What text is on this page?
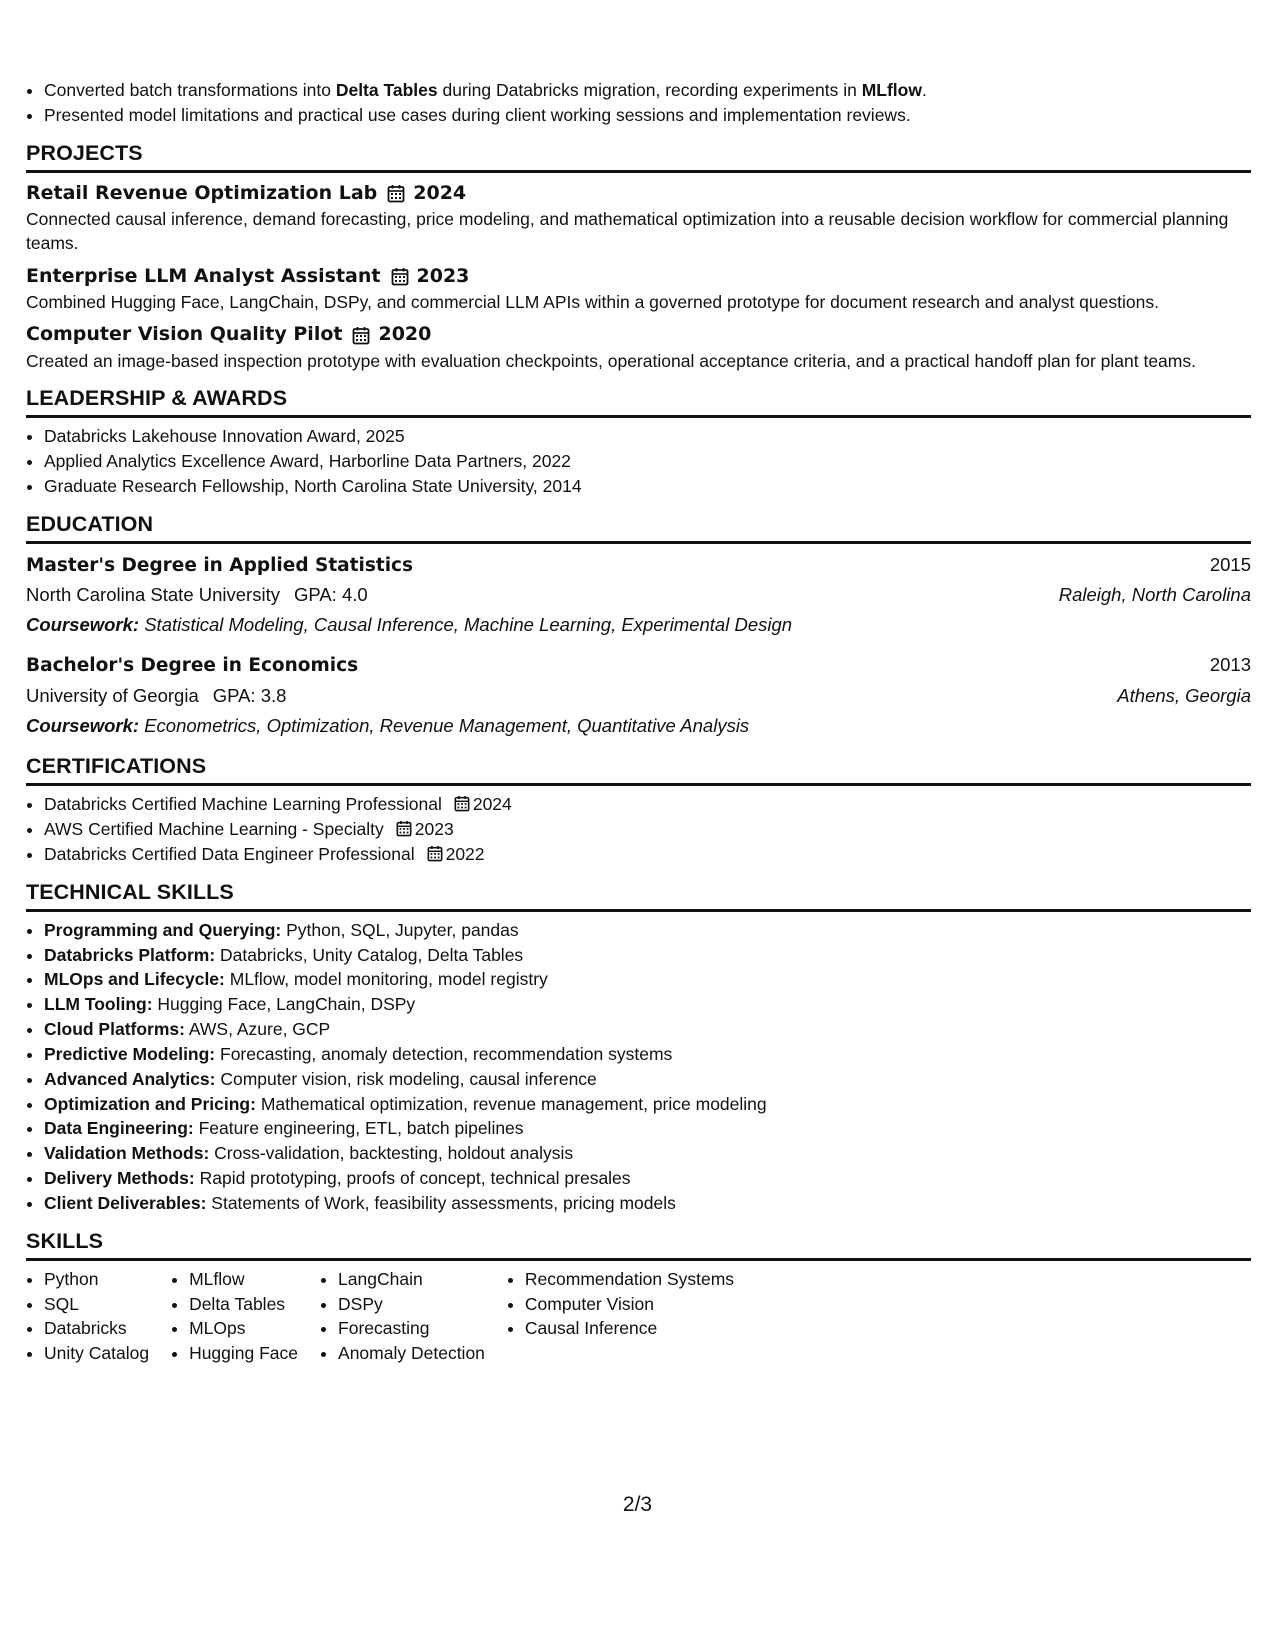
• Converted batch transformations into Delta Tables during Databricks migration, recording experiments in MLflow.
• Presented model limitations and practical use cases during client working sessions and implementation reviews.
PROJECTS
Retail Revenue Optimization Lab 2024
Connected causal inference, demand forecasting, price modeling, and mathematical optimization into a reusable decision workflow for commercial planning teams.
Enterprise LLM Analyst Assistant 2023
Combined Hugging Face, LangChain, DSPy, and commercial LLM APIs within a governed prototype for document research and analyst questions.
Computer Vision Quality Pilot 2020
Created an image-based inspection prototype with evaluation checkpoints, operational acceptance criteria, and a practical handoff plan for plant teams.
LEADERSHIP & AWARDS
• Databricks Lakehouse Innovation Award, 2025
• Applied Analytics Excellence Award, Harborline Data Partners, 2022
• Graduate Research Fellowship, North Carolina State University, 2014
EDUCATION
Master's Degree in Applied Statistics	2015
North Carolina State University GPA: 4.0	Raleigh, North Carolina
Coursework: Statistical Modeling, Causal Inference, Machine Learning, Experimental Design
Bachelor's Degree in Economics	2013
University of Georgia GPA: 3.8	Athens, Georgia
Coursework: Econometrics, Optimization, Revenue Management, Quantitative Analysis
CERTIFICATIONS
• Databricks Certified Machine Learning Professional 2024
• AWS Certified Machine Learning - Specialty 2023
• Databricks Certified Data Engineer Professional 2022
TECHNICAL SKILLS
• Programming and Querying: Python, SQL, Jupyter, pandas
• Databricks Platform: Databricks, Unity Catalog, Delta Tables
• MLOps and Lifecycle: MLflow, model monitoring, model registry
• LLM Tooling: Hugging Face, LangChain, DSPy
• Cloud Platforms: AWS, Azure, GCP
• Predictive Modeling: Forecasting, anomaly detection, recommendation systems
• Advanced Analytics: Computer vision, risk modeling, causal inference
• Optimization and Pricing: Mathematical optimization, revenue management, price modeling
• Data Engineering: Feature engineering, ETL, batch pipelines
• Validation Methods: Cross-validation, backtesting, holdout analysis
• Delivery Methods: Rapid prototyping, proofs of concept, technical presales
• Client Deliverables: Statements of Work, feasibility assessments, pricing models
SKILLS
• Python
• SQL
• Databricks
• Unity Catalog
• MLflow
• Delta Tables
• MLOps
• Hugging Face
• LangChain
• DSPy
• Forecasting
• Anomaly Detection
• Recommendation Systems
• Computer Vision
• Causal Inference
2/3
